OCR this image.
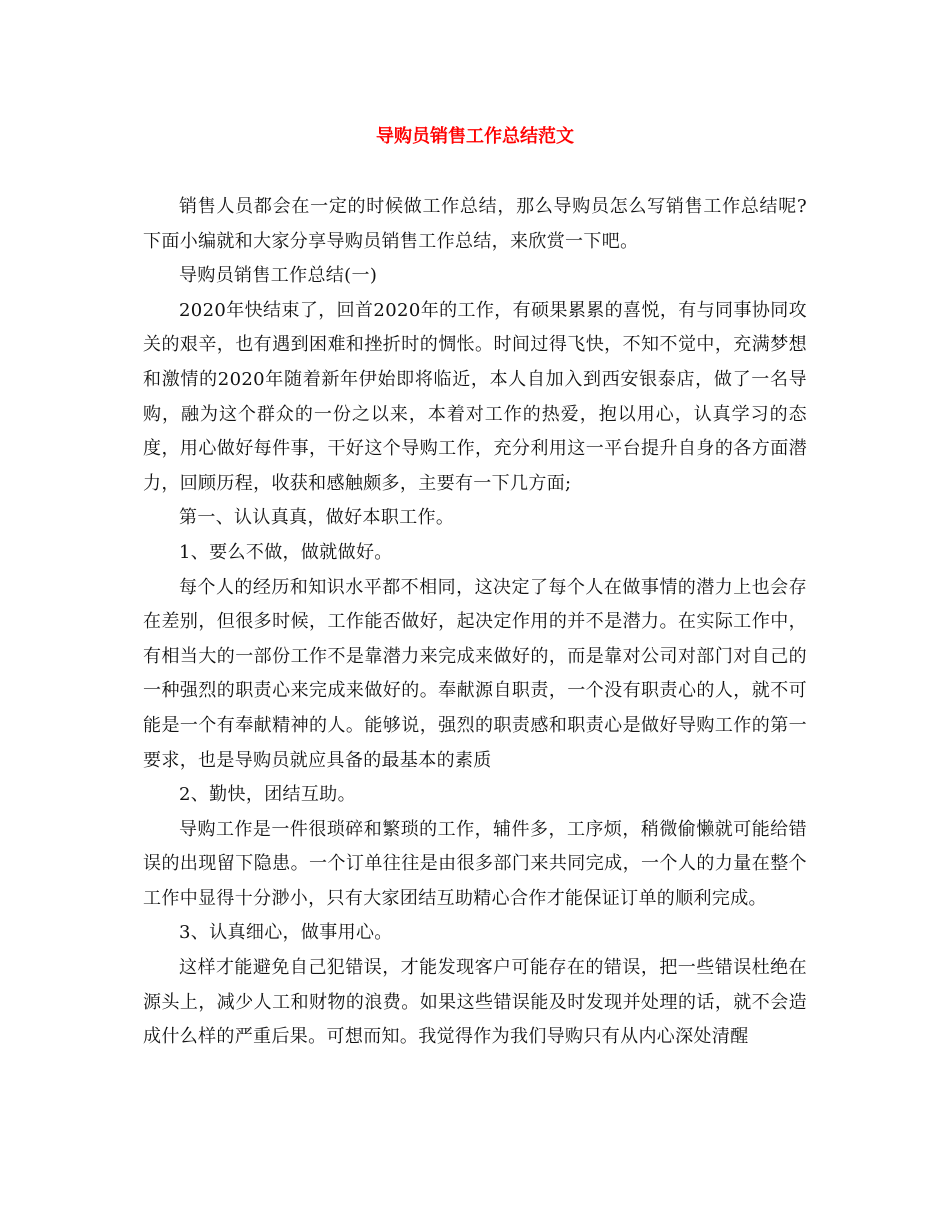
导购员销售工作总结范文

销售人员都会在一定的时候做工作总结，那么导购员怎么写销售工作总结呢?下面小编就和大家分享导购员销售工作总结，来欣赏一下吧。

导购员销售工作总结(一)

2020年快结束了，回首2020年的工作，有硕果累累的喜悦，有与同事协同攻关的艰辛，也有遇到困难和挫折时的惆怅。时间过得飞快，不知不觉中，充满梦想和激情的2020年随着新年伊始即将临近，本人自加入到西安银泰店，做了一名导购，融为这个群众的一份之以来，本着对工作的热爱，抱以用心，认真学习的态度，用心做好每件事，干好这个导购工作，充分利用这一平台提升自身的各方面潜力，回顾历程，收获和感触颇多，主要有一下几方面;

第一、认认真真，做好本职工作。

1、要么不做，做就做好。

每个人的经历和知识水平都不相同，这决定了每个人在做事情的潜力上也会存在差别，但很多时候，工作能否做好，起决定作用的并不是潜力。在实际工作中，有相当大的一部份工作不是靠潜力来完成来做好的，而是靠对公司对部门对自己的一种强烈的职责心来完成来做好的。奉献源自职责，一个没有职责心的人，就不可能是一个有奉献精神的人。能够说，强烈的职责感和职责心是做好导购工作的第一要求，也是导购员就应具备的最基本的素质

2、勤快，团结互助。

导购工作是一件很琐碎和繁琐的工作，辅件多，工序烦，稍微偷懒就可能给错误的出现留下隐患。一个订单往往是由很多部门来共同完成，一个人的力量在整个工作中显得十分渺小，只有大家团结互助精心合作才能保证订单的顺利完成。

3、认真细心，做事用心。

这样才能避免自己犯错误，才能发现客户可能存在的错误，把一些错误杜绝在源头上，减少人工和财物的浪费。如果这些错误能及时发现并处理的话，就不会造成什么样的严重后果。可想而知。我觉得作为我们导购只有从内心深处清醒
